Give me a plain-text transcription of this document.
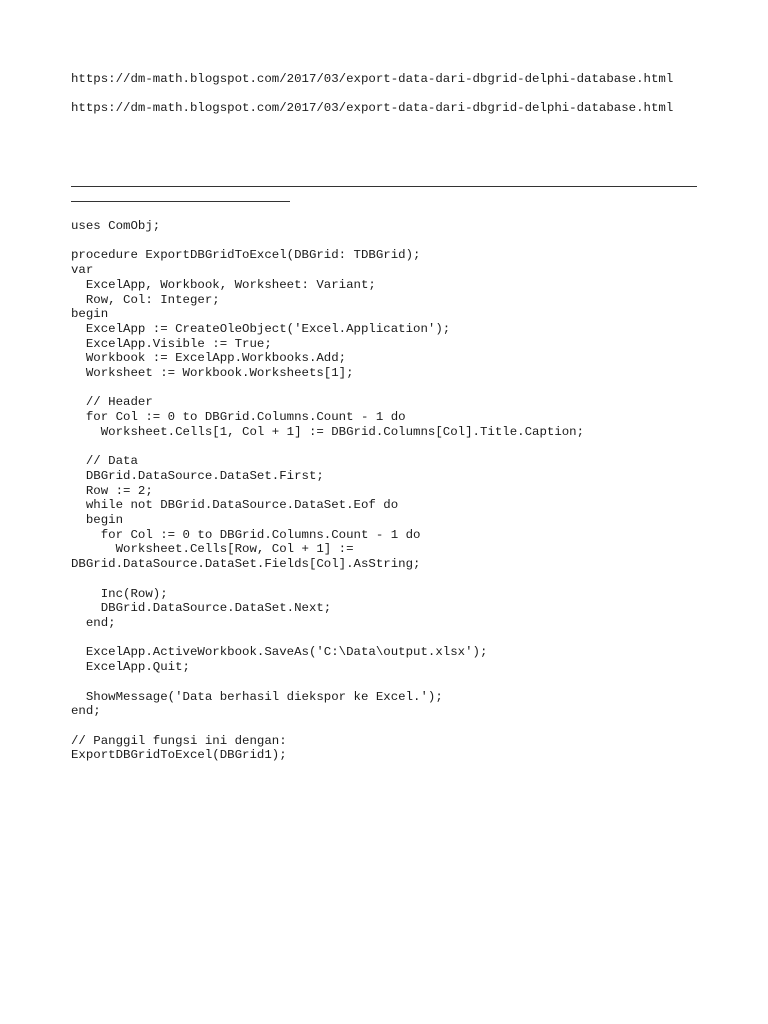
https://dm-math.blogspot.com/2017/03/export-data-dari-dbgrid-delphi-database.html

https://dm-math.blogspot.com/2017/03/export-data-dari-dbgrid-delphi-database.html

uses ComObj;

procedure ExportDBGridToExcel(DBGrid: TDBGrid);
var
ExcelApp, Workbook, Worksheet: Variant;
Row, Col: Integer;
begin
ExcelApp := CreateOleObject('Excel.Application');
ExcelApp.Visible := True;
Workbook := ExcelApp.Workbooks.Add;
Worksheet := Workbook.Worksheets[1];

// Header
for Col := 0 to DBGrid.Columns.Count - 1 do
Worksheet.Cells[1, Col + 1] := DBGrid.Columns[Col].Title.Caption;

// Data
DBGrid.DataSource.DataSet.First;
Row := 2;
while not DBGrid.DataSource.DataSet.Eof do
begin
for Col := 0 to DBGrid.Columns.Count - 1 do
Worksheet.Cells[Row, Col + 1] :=
DBGrid.DataSource.DataSet.Fields[Col].AsString;

Inc(Row);
DBGrid.DataSource.DataSet.Next;
end;

ExcelApp.ActiveWorkbook.SaveAs('C:\Data\output.xlsx');
ExcelApp.Quit;

ShowMessage('Data berhasil diekspor ke Excel.');
end;

// Panggil fungsi ini dengan:
ExportDBGridToExcel(DBGrid1);
